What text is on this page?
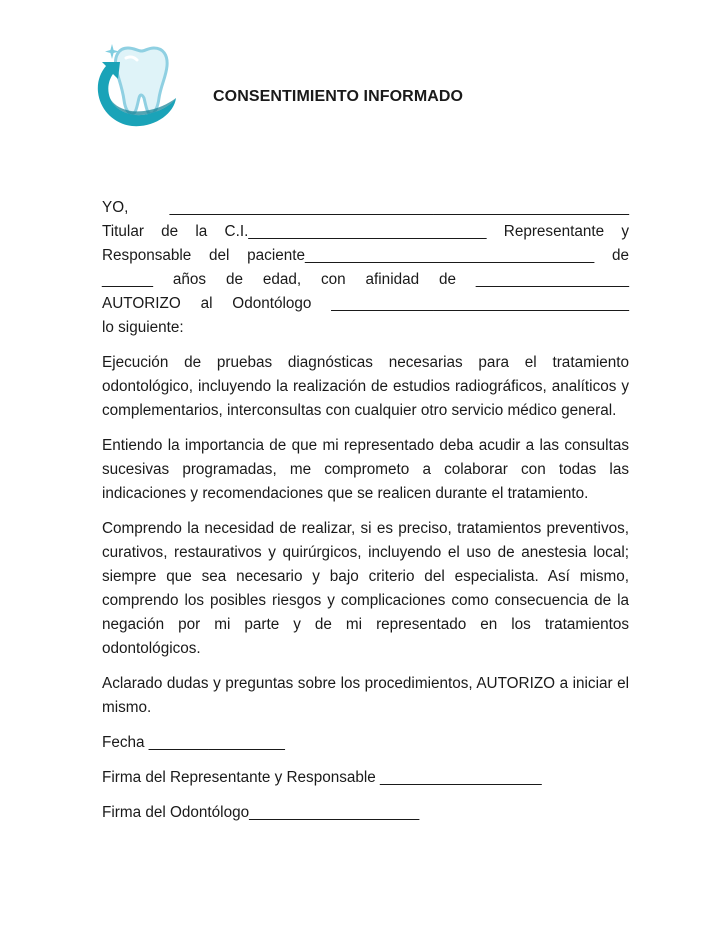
CONSENTIMIENTO INFORMADO

YO, ______________________________________________________
Titular de la C.I.____________________________ Representante y
Responsable del paciente__________________________________ de
______ años de edad, con afinidad de __________________
AUTORIZO al Odontólogo ___________________________________
lo siguiente:

Ejecución de pruebas diagnósticas necesarias para el tratamiento odontológico, incluyendo la realización de estudios radiográficos, analíticos y complementarios, interconsultas con cualquier otro servicio médico general.

Entiendo la importancia de que mi representado deba acudir a las consultas sucesivas programadas, me comprometo a colaborar con todas las indicaciones y recomendaciones que se realicen durante el tratamiento.

Comprendo la necesidad de realizar, si es preciso, tratamientos preventivos, curativos, restaurativos y quirúrgicos, incluyendo el uso de anestesia local; siempre que sea necesario y bajo criterio del especialista. Así mismo, comprendo los posibles riesgos y complicaciones como consecuencia de la negación por mi parte y de mi representado en los tratamientos odontológicos.

Aclarado dudas y preguntas sobre los procedimientos, AUTORIZO a iniciar el mismo.

Fecha ________________

Firma del Representante y Responsable ___________________

Firma del Odontólogo____________________
